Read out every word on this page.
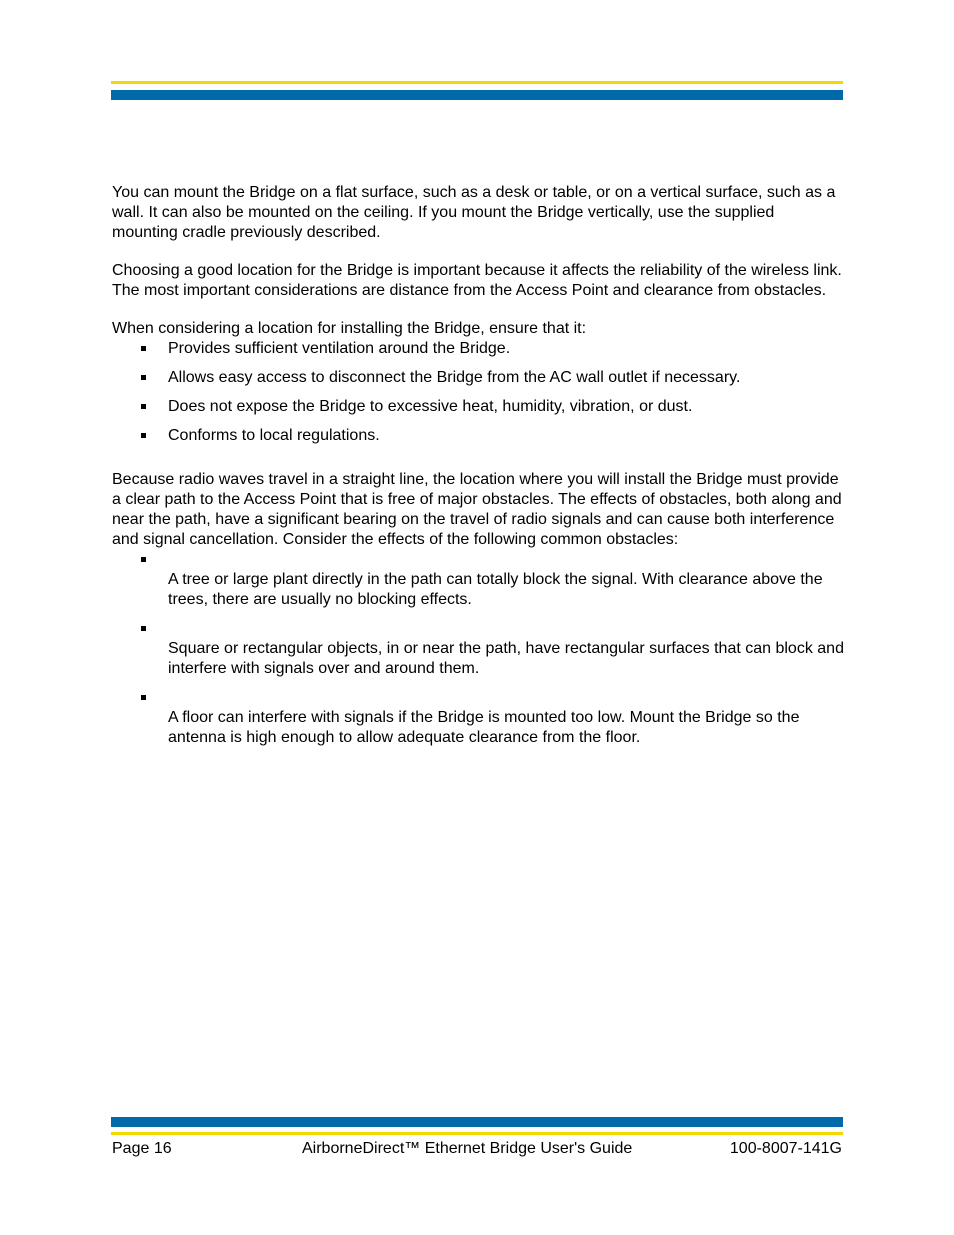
You can mount the Bridge on a flat surface, such as a desk or table, or on a vertical surface, such as a wall. It can also be mounted on the ceiling. If you mount the Bridge vertically, use the supplied mounting cradle previously described.

Choosing a good location for the Bridge is important because it affects the reliability of the wireless link. The most important considerations are distance from the Access Point and clearance from obstacles.

When considering a location for installing the Bridge, ensure that it:

Provides sufficient ventilation around the Bridge.
Allows easy access to disconnect the Bridge from the AC wall outlet if necessary.
Does not expose the Bridge to excessive heat, humidity, vibration, or dust.
Conforms to local regulations.

Because radio waves travel in a straight line, the location where you will install the Bridge must provide a clear path to the Access Point that is free of major obstacles. The effects of obstacles, both along and near the path, have a significant bearing on the travel of radio signals and can cause both interference and signal cancellation. Consider the effects of the following common obstacles:

A tree or large plant directly in the path can totally block the signal. With clearance above the trees, there are usually no blocking effects.

Square or rectangular objects, in or near the path, have rectangular surfaces that can block and interfere with signals over and around them.

A floor can interfere with signals if the Bridge is mounted too low. Mount the Bridge so the antenna is high enough to allow adequate clearance from the floor.

Page 16	AirborneDirect™ Ethernet Bridge User's Guide	100-8007-141G
